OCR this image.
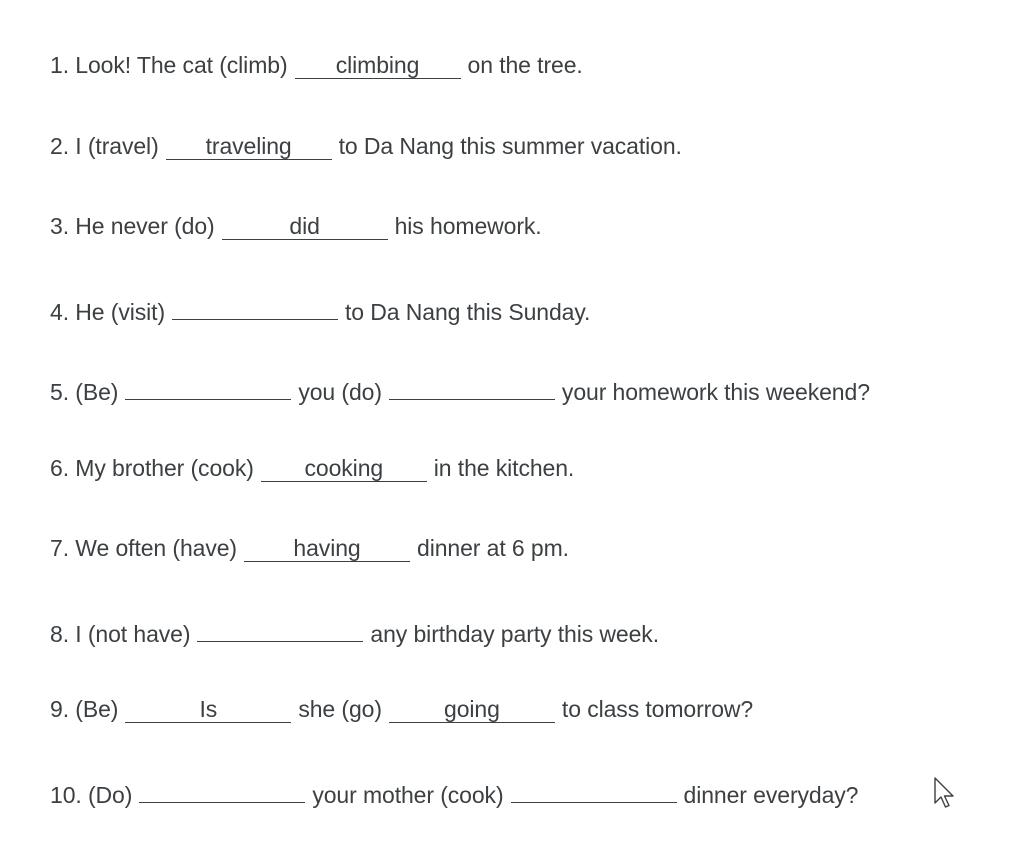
1.
Look! The cat (climb)	climbing	on the tree.
2.
I (travel)	traveling	to Da Nang this summer vacation.
3.
He never (do)	did	his homework.
4.
He (visit)	to Da Nang this Sunday.
5.
(Be)	you (do)	your homework this weekend?
6.
My brother (cook)	cooking	in the kitchen.
7.
We often (have)	having	dinner at 6 pm.
8.
I (not have)	any birthday party this week.
9.
(Be)	Is	she (go)	going	to class tomorrow?
10.
(Do)	your mother (cook)	dinner everyday?
